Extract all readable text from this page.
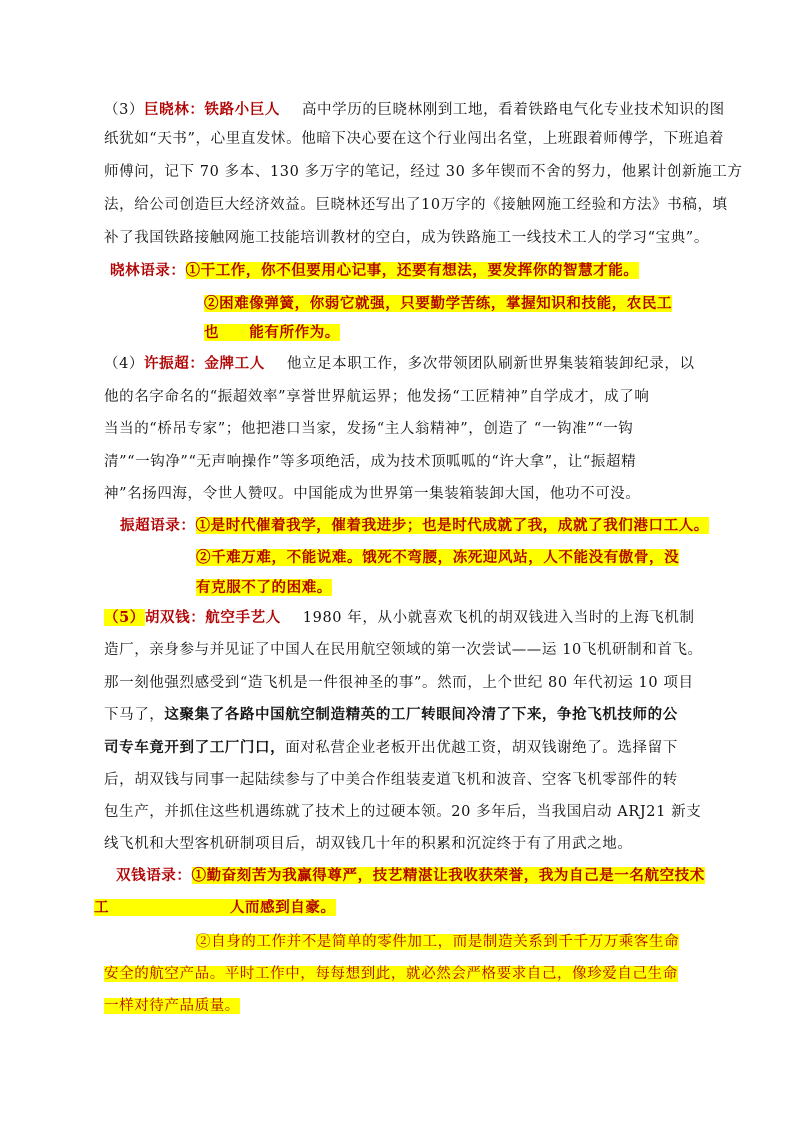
（3）巨晓林：铁路小巨人 高中学历的巨晓林刚到工地，看着铁路电气化专业技术知识的图
纸犹如“天书”，心里直发怵。他暗下决心要在这个行业闯出名堂，上班跟着师傅学，下班追着
师傅问，记下 70 多本、130 多万字的笔记，经过 30 多年锲而不舍的努力，他累计创新施工方
法，给公司创造巨大经济效益。巨晓林还写出了10万字的《接触网施工经验和方法》书稿，填
补了我国铁路接触网施工技能培训教材的空白，成为铁路施工一线技术工人的学习“宝典”。
晓林语录：①干工作，你不但要用心记事，还要有想法，要发挥你的智慧才能。
②困难像弹簧，你弱它就强，只要勤学苦练，掌握知识和技能，农民工
也　　能有所作为。
（4）许振超：金牌工人 他立足本职工作，多次带领团队刷新世界集装箱装卸纪录，以
他的名字命名的“振超效率”享誉世界航运界；他发扬“工匠精神”自学成才，成了响
当当的“桥吊专家”；他把港口当家，发扬“主人翁精神”，创造了 “一钩准”“一钩
清”“一钩净”“无声响操作”等多项绝活，成为技术顶呱呱的“许大拿”，让“振超精
神”名扬四海，令世人赞叹。中国能成为世界第一集装箱装卸大国，他功不可没。
振超语录：①是时代催着我学，催着我进步；也是时代成就了我，成就了我们港口工人。
②千难万难，不能说难。饿死不弯腰，冻死迎风站，人不能没有傲骨，没
有克服不了的困难。
（5）胡双钱：航空手艺人 1980 年，从小就喜欢飞机的胡双钱进入当时的上海飞机制
造厂，亲身参与并见证了中国人在民用航空领域的第一次尝试——运 10飞机研制和首飞。
那一刻他强烈感受到“造飞机是一件很神圣的事”。然而，上个世纪 80 年代初运 10 项目
下马了，这聚集了各路中国航空制造精英的工厂转眼间冷清了下来，争抢飞机技师的公
司专车竟开到了工厂门口，面对私营企业老板开出优越工资，胡双钱谢绝了。选择留下
后，胡双钱与同事一起陆续参与了中美合作组装麦道飞机和波音、空客飞机零部件的转
包生产，并抓住这些机遇练就了技术上的过硬本领。20 多年后，当我国启动 ARJ21 新支
线飞机和大型客机研制项目后，胡双钱几十年的积累和沉淀终于有了用武之地。
双钱语录：①勤奋刻苦为我赢得尊严，技艺精湛让我收获荣誉，我为自己是一名航空技术
工　　　　　　　　人而感到自豪。
②自身的工作并不是简单的零件加工，而是制造关系到千千万万乘客生命
安全的航空产品。平时工作中，每每想到此，就必然会严格要求自己，像珍爱自己生命
一样对待产品质量。
